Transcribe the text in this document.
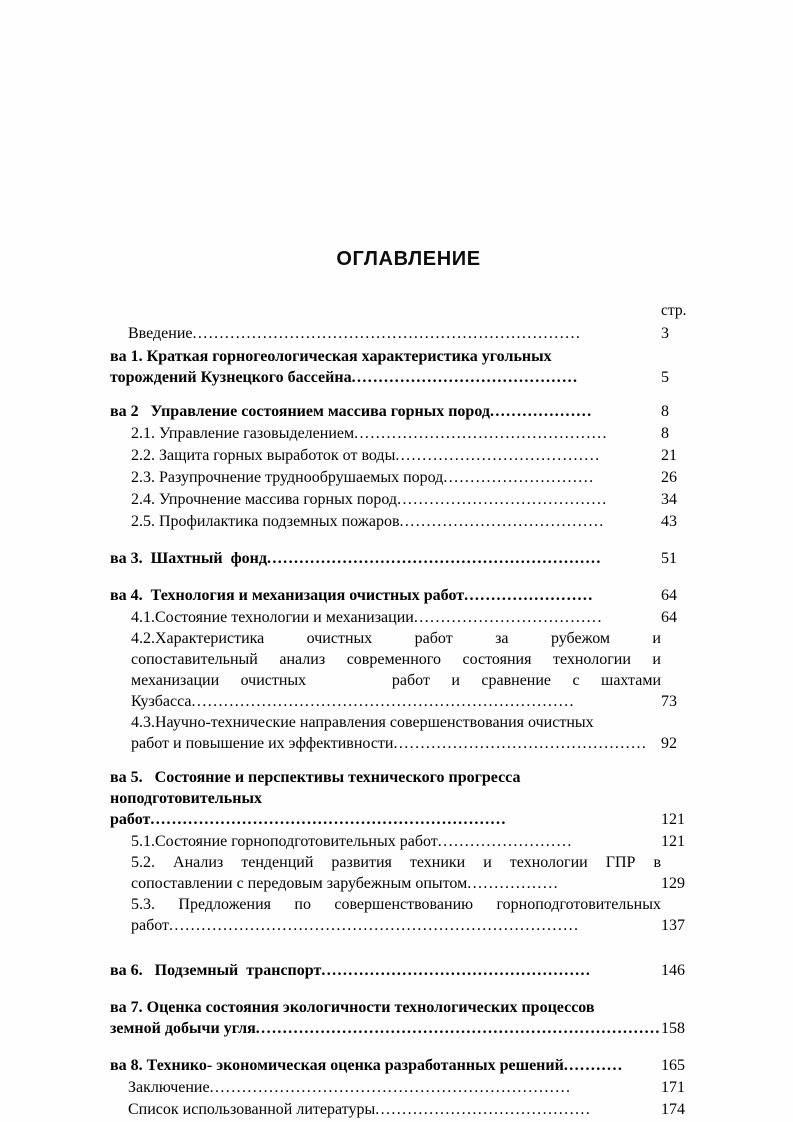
ОГЛАВЛЕНИЕ
стр.
Введение........................................................................	3
ва 1. Краткая горногеологическая характеристика угольных
торождений Кузнецкого бассейна..........................................	5
ва 2   Управление состоянием массива горных пород...................	8
2.1. Управление газовыделением...............................................	8
2.2. Защита горных выработок от воды......................................	21
2.3. Разупрочнение труднообрушаемых пород............................	26
2.4. Упрочнение массива горных пород.......................................	34
2.5. Профилактика подземных пожаров......................................	43
ва 3.  Шахтный  фонд..............................................................	51
ва 4.  Технология и механизация очистных работ........................	64
4.1.Состояние технологии и механизации...................................	64
4.2.Характеристика    очистных    работ    за    рубежом    и
сопоставительный анализ современного состояния технологии и
механизации  очистных        работ  и  сравнение  с  шахтами
Кузбасса.......................................................................	73
4.3.Научно-технические направления совершенствования очистных
работ и повышение их эффективности............................................... 92
ва 5.   Состояние и перспективы технического прогресса
ноподготовительных работ..................................................................	121
5.1.Состояние горноподготовительных работ.........................	121
5.2.   Анализ   тенденций   развития   техники   и   технологии   ГПР   в
сопоставлении с передовым зарубежным опытом.................	129
5.3.  Предложения  по  совершенствованию  горноподготовительных
работ............................................................................	137
ва 6.   Подземный  транспорт..................................................	146
ва 7. Оценка состояния экологичности технологических процессов
земной добычи угля........................................................................... 158
ва 8. Технико- экономическая оценка разработанных решений...........	165
Заключение...................................................................	171
Список использованной литературы........................................	174
